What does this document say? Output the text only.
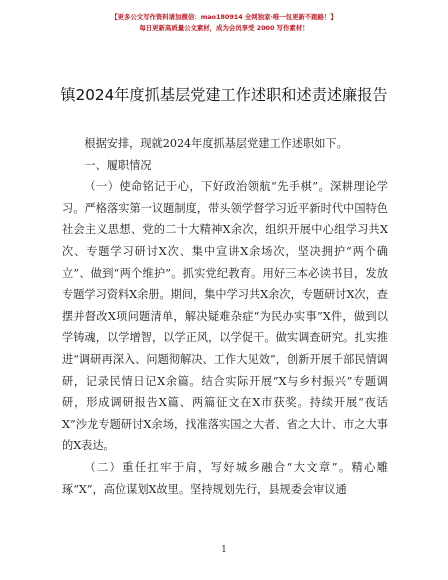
【更多公文写作资料请加微信：mao180914 全网独家·唯一包更新不跑路！】
每日更新高质量公文素材，成为会员享受 2000 写作素材！
镇2024年度抓基层党建工作述职和述责述廉报告

根据安排，现就2024年度抓基层党建工作述职如下。

一、履职情况

（一）使命铭记于心，下好政治领航“先手棋”。深耕理论学习。严格落实第一议题制度，带头领学督学习近平新时代中国特色社会主义思想、党的二十大精神X余次，组织开展中心组学习共X次、专题学习研讨X次、集中宣讲X余场次，坚决拥护“两个确立”、做到“两个维护”。抓实党纪教育。用好三本必读书目，发放专题学习资料X余册。期间，集中学习共X余次，专题研讨X次，查摆并督改X项问题清单，解决疑难杂症“为民办实事”X件，做到以学铸魂，以学增智，以学正风，以学促干。做实调查研究。扎实推进“调研再深入、问题彻解决、工作大见效”，创新开展千部民情调研，记录民情日记X余篇。结合实际开展“X与乡村振兴”专题调研，形成调研报告X篇、两篇征文在X市获奖。持续开展“夜话X”沙龙专题研讨X余场，找准落实国之大者、省之大计、市之大事的X表达。

（二）重任扛牢于肩，写好城乡融合“大文章”。精心雕琢“X”，高位谋划X故里。坚持规划先行，县规委会审议通

1
